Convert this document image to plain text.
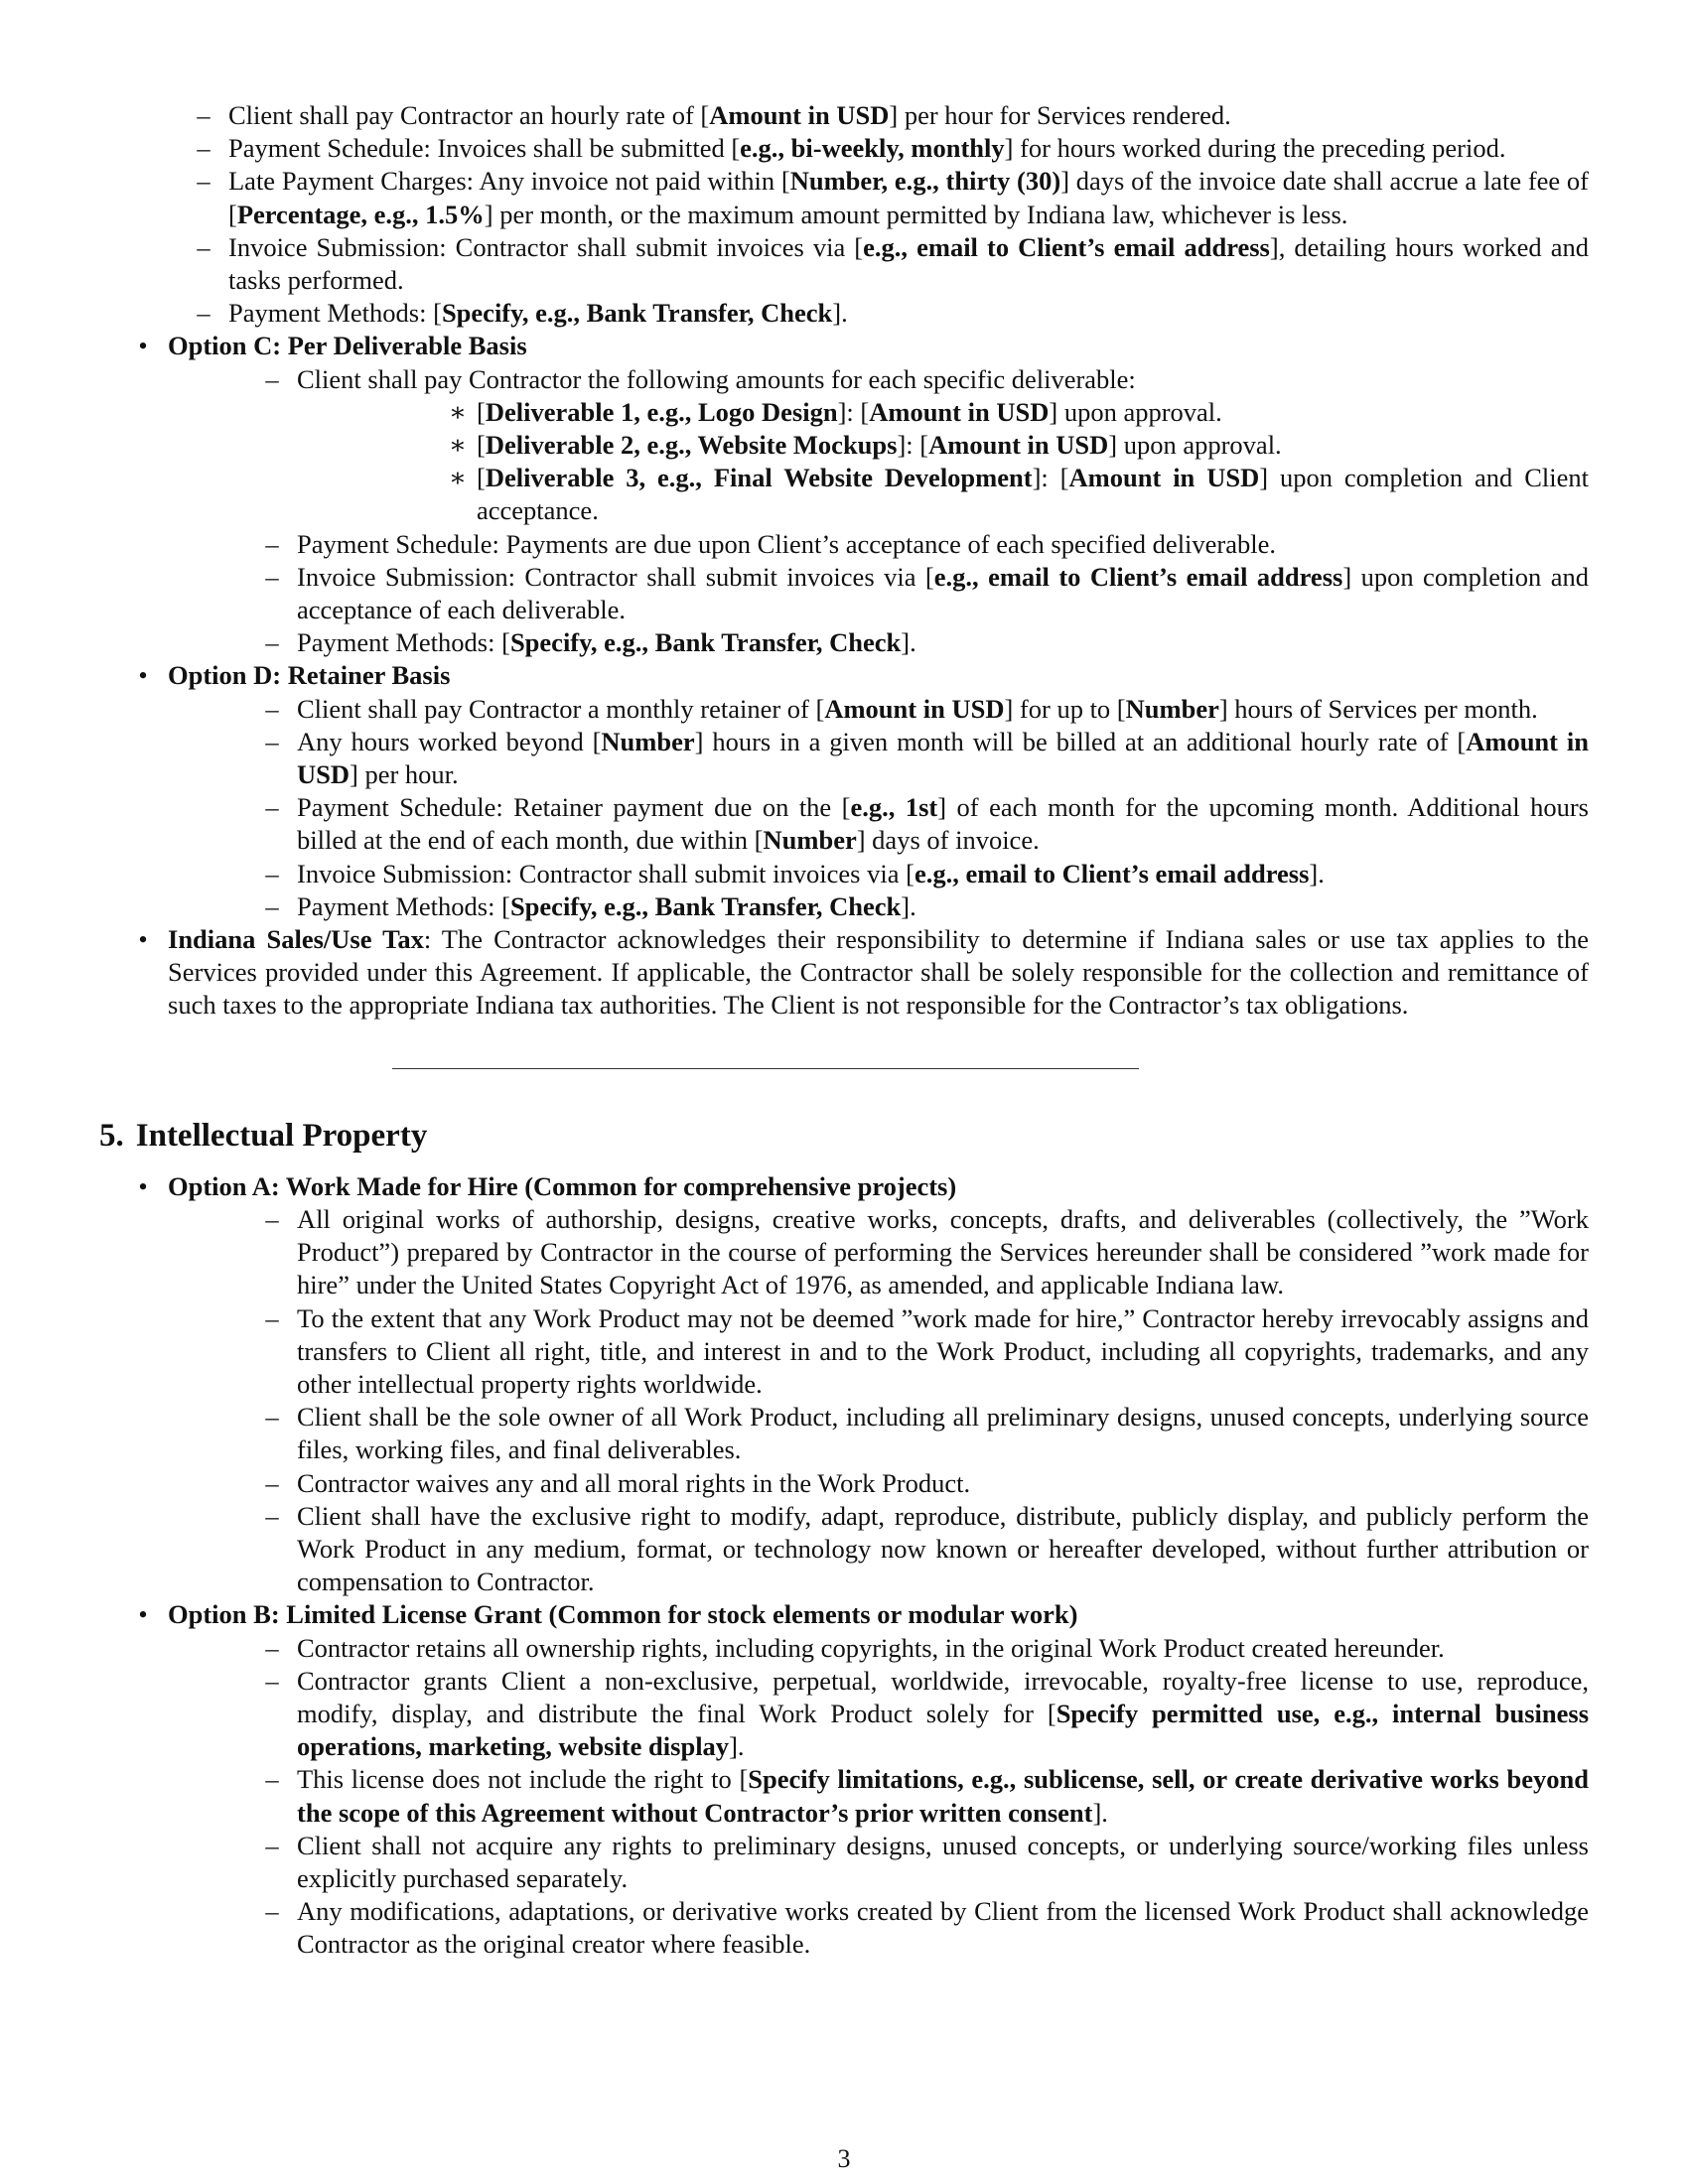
– Client shall pay Contractor an hourly rate of [Amount in USD] per hour for Services rendered.
– Payment Schedule: Invoices shall be submitted [e.g., bi-weekly, monthly] for hours worked during the preceding period.
– Late Payment Charges: Any invoice not paid within [Number, e.g., thirty (30)] days of the invoice date shall accrue a late fee of [Percentage, e.g., 1.5%] per month, or the maximum amount permitted by Indiana law, whichever is less.
– Invoice Submission: Contractor shall submit invoices via [e.g., email to Client’s email address], detailing hours worked and tasks performed.
– Payment Methods: [Specify, e.g., Bank Transfer, Check].
• Option C: Per Deliverable Basis
– Client shall pay Contractor the following amounts for each specific deliverable:
∗ [Deliverable 1, e.g., Logo Design]: [Amount in USD] upon approval.
∗ [Deliverable 2, e.g., Website Mockups]: [Amount in USD] upon approval.
∗ [Deliverable 3, e.g., Final Website Development]: [Amount in USD] upon completion and Client acceptance.
– Payment Schedule: Payments are due upon Client’s acceptance of each specified deliverable.
– Invoice Submission: Contractor shall submit invoices via [e.g., email to Client’s email address] upon completion and acceptance of each deliverable.
– Payment Methods: [Specify, e.g., Bank Transfer, Check].
• Option D: Retainer Basis
– Client shall pay Contractor a monthly retainer of [Amount in USD] for up to [Number] hours of Services per month.
– Any hours worked beyond [Number] hours in a given month will be billed at an additional hourly rate of [Amount in USD] per hour.
– Payment Schedule: Retainer payment due on the [e.g., 1st] of each month for the upcoming month. Additional hours billed at the end of each month, due within [Number] days of invoice.
– Invoice Submission: Contractor shall submit invoices via [e.g., email to Client’s email address].
– Payment Methods: [Specify, e.g., Bank Transfer, Check].
• Indiana Sales/Use Tax: The Contractor acknowledges their responsibility to determine if Indiana sales or use tax applies to the Services provided under this Agreement. If applicable, the Contractor shall be solely responsible for the collection and remittance of such taxes to the appropriate Indiana tax authorities. The Client is not responsible for the Contractor’s tax obligations.
5. Intellectual Property
• Option A: Work Made for Hire (Common for comprehensive projects)
– All original works of authorship, designs, creative works, concepts, drafts, and deliverables (collectively, the ”Work Product”) prepared by Contractor in the course of performing the Services hereunder shall be considered ”work made for hire” under the United States Copyright Act of 1976, as amended, and applicable Indiana law.
– To the extent that any Work Product may not be deemed ”work made for hire,” Contractor hereby irrevocably assigns and transfers to Client all right, title, and interest in and to the Work Product, including all copyrights, trademarks, and any other intellectual property rights worldwide.
– Client shall be the sole owner of all Work Product, including all preliminary designs, unused concepts, underlying source files, working files, and final deliverables.
– Contractor waives any and all moral rights in the Work Product.
– Client shall have the exclusive right to modify, adapt, reproduce, distribute, publicly display, and publicly perform the Work Product in any medium, format, or technology now known or hereafter developed, without further attribution or compensation to Contractor.
• Option B: Limited License Grant (Common for stock elements or modular work)
– Contractor retains all ownership rights, including copyrights, in the original Work Product created hereunder.
– Contractor grants Client a non-exclusive, perpetual, worldwide, irrevocable, royalty-free license to use, reproduce, modify, display, and distribute the final Work Product solely for [Specify permitted use, e.g., internal business operations, marketing, website display].
– This license does not include the right to [Specify limitations, e.g., sublicense, sell, or create derivative works beyond the scope of this Agreement without Contractor’s prior written consent].
– Client shall not acquire any rights to preliminary designs, unused concepts, or underlying source/working files unless explicitly purchased separately.
– Any modifications, adaptations, or derivative works created by Client from the licensed Work Product shall acknowledge Contractor as the original creator where feasible.
3
